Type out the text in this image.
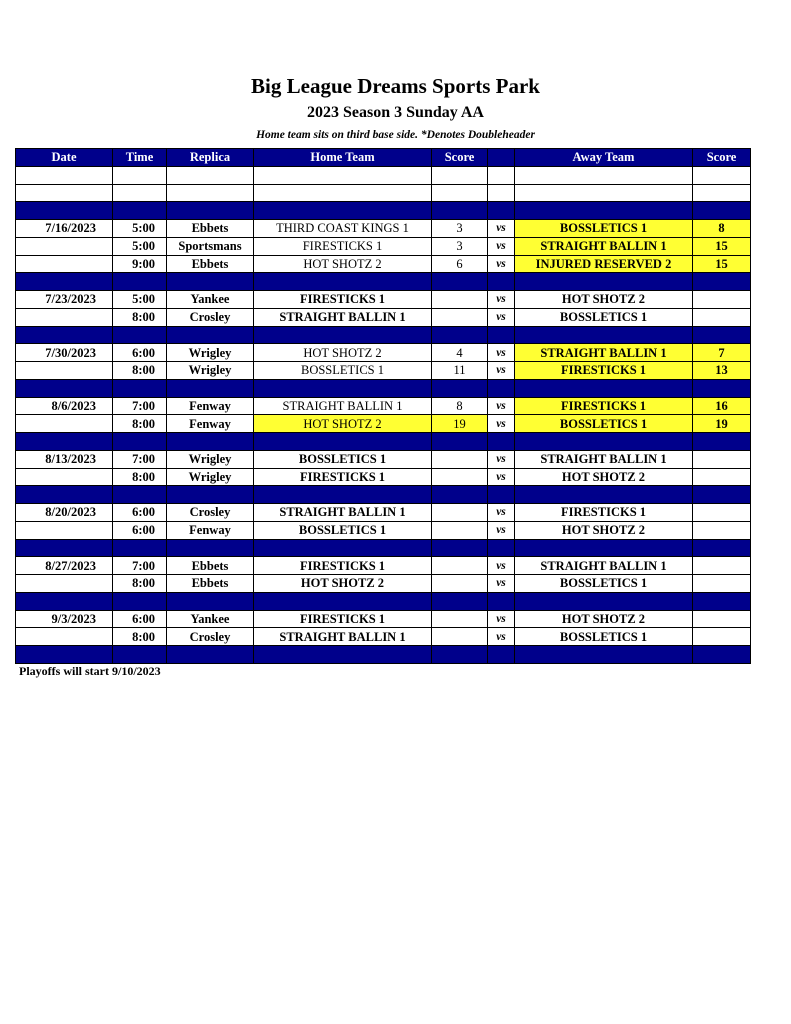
Big League Dreams Sports Park
2023 Season 3 Sunday AA
Home team sits on third base side. *Denotes Doubleheader
Date	Time	Replica	Home Team	Score		Away Team	Score

7/16/2023	5:00	Ebbets	THIRD COAST KINGS 1	3	vs	BOSSLETICS 1	8
	5:00	Sportsmans	FIRESTICKS 1	3	vs	STRAIGHT BALLIN 1	15
	9:00	Ebbets	HOT SHOTZ 2	6	vs	INJURED RESERVED 2	15

7/23/2023	5:00	Yankee	FIRESTICKS 1		vs	HOT SHOTZ 2	
	8:00	Crosley	STRAIGHT BALLIN 1		vs	BOSSLETICS 1	

7/30/2023	6:00	Wrigley	HOT SHOTZ 2	4	vs	STRAIGHT BALLIN 1	7
	8:00	Wrigley	BOSSLETICS 1	11	vs	FIRESTICKS 1	13

8/6/2023	7:00	Fenway	STRAIGHT BALLIN 1	8	vs	FIRESTICKS 1	16
	8:00	Fenway	HOT SHOTZ 2	19	vs	BOSSLETICS 1	19

8/13/2023	7:00	Wrigley	BOSSLETICS 1		vs	STRAIGHT BALLIN 1	
	8:00	Wrigley	FIRESTICKS 1		vs	HOT SHOTZ 2	

8/20/2023	6:00	Crosley	STRAIGHT BALLIN 1		vs	FIRESTICKS 1	
	6:00	Fenway	BOSSLETICS 1		vs	HOT SHOTZ 2	

8/27/2023	7:00	Ebbets	FIRESTICKS 1		vs	STRAIGHT BALLIN 1	
	8:00	Ebbets	HOT SHOTZ 2		vs	BOSSLETICS 1	

9/3/2023	6:00	Yankee	FIRESTICKS 1		vs	HOT SHOTZ 2	
	8:00	Crosley	STRAIGHT BALLIN 1		vs	BOSSLETICS 1	

Playoffs will start 9/10/2023
